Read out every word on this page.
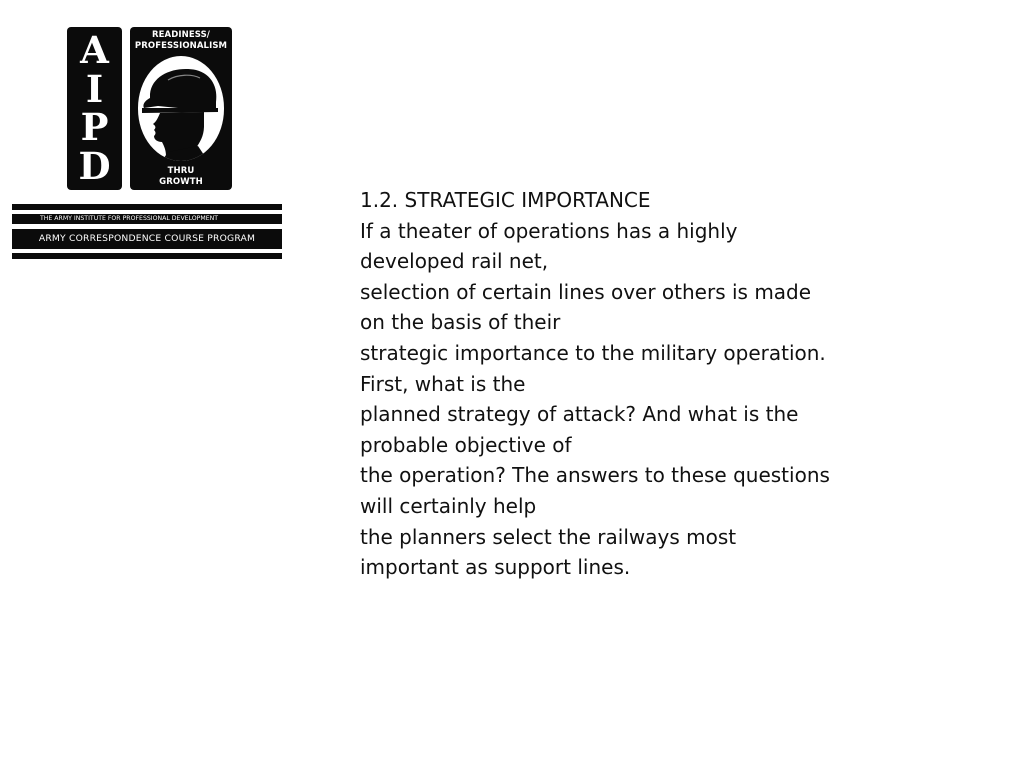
A
I
P
D
READINESS/
PROFESSIONALISM
THRU
GROWTH
THE ARMY INSTITUTE FOR PROFESSIONAL DEVELOPMENT
ARMY CORRESPONDENCE COURSE PROGRAM
1.2. STRATEGIC IMPORTANCE
If a theater of operations has a highly
developed rail net,
selection of certain lines over others is made
on the basis of their
strategic importance to the military operation.
First, what is the
planned strategy of attack? And what is the
probable objective of
the operation? The answers to these questions
will certainly help
the planners select the railways most
important as support lines.
